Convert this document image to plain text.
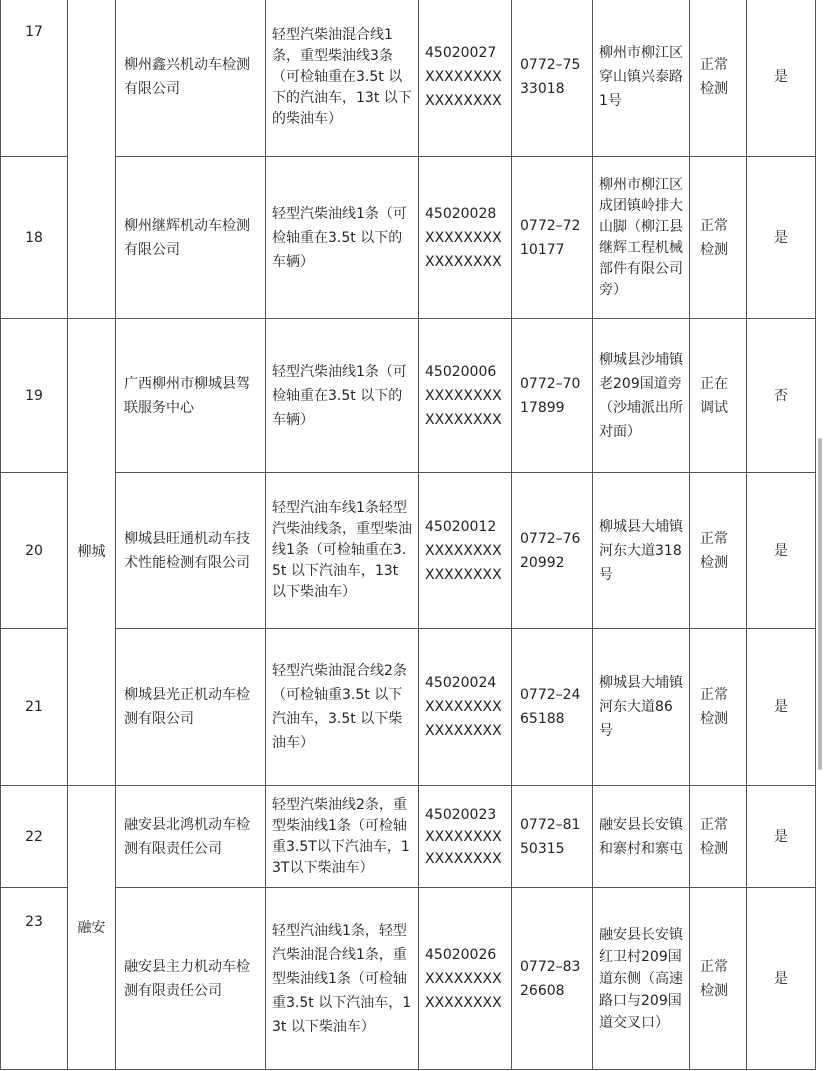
17		柳州鑫兴机动车检测有限公司	轻型汽柴油混合线1条，重型柴油线3条（可检轴重在3.5t 以下的汽油车，13t 以下的柴油车）	45020027XXXXXXXXXXXXXXXX	0772–7533018	柳州市柳江区穿山镇兴泰路1号	正常检测	是
18		柳州继辉机动车检测有限公司	轻型汽柴油线1条（可检轴重在3.5t 以下的车辆）	45020028XXXXXXXXXXXXXXXX	0772–7210177	柳州市柳江区成团镇岭排大山脚（柳江县继辉工程机械部件有限公司旁）	正常检测	是
19	柳城	广西柳州市柳城县驾联服务中心	轻型汽柴油线1条（可检轴重在3.5t 以下的车辆）	45020006XXXXXXXXXXXXXXXX	0772–7017899	柳城县沙埔镇老209国道旁（沙埔派出所对面）	正在调试	否
20		柳城县旺通机动车技术性能检测有限公司	轻型汽油车线1条轻型汽柴油线条，重型柴油线1条（可检轴重在3.5t 以下汽油车，13t 以下柴油车）	45020012XXXXXXXXXXXXXXXX	0772–7620992	柳城县大埔镇河东大道318号	正常检测	是
21		柳城县光正机动车检测有限公司	轻型汽柴油混合线2条（可检轴重3.5t 以下汽油车，3.5t 以下柴油车）	45020024XXXXXXXXXXXXXXXX	0772–2465188	柳城县大埔镇河东大道86号	正常检测	是
22	融安	融安县北鸿机动车检测有限责任公司	轻型汽柴油线2条，重型柴油线1条（可检轴重3.5T以下汽油车，13T以下柴油车）	45020023XXXXXXXXXXXXXXXX	0772–8150315	融安县长安镇和寨村和寨屯	正常检测	是
23		融安县主力机动车检测有限责任公司	轻型汽油线1条，轻型汽柴油混合线1条，重型柴油线1条（可检轴重3.5t 以下汽油车，13t 以下柴油车）	45020026XXXXXXXXXXXXXXXX	0772–8326608	融安县长安镇红卫村209国道东侧（高速路口与209国道交叉口）	正常检测	是
